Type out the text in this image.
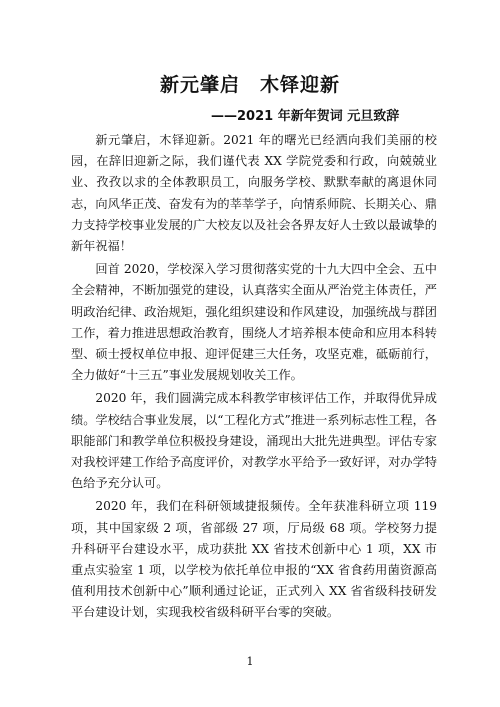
新元肇启　木铎迎新
——2021 年新年贺词 元旦致辞

新元肇启，木铎迎新。2021 年的曙光已经洒向我们美丽的校园，在辞旧迎新之际，我们谨代表 XX 学院党委和行政，向兢兢业业、孜孜以求的全体教职员工，向服务学校、默默奉献的离退休同志，向风华正茂、奋发有为的莘莘学子，向情系师院、长期关心、鼎力支持学校事业发展的广大校友以及社会各界友好人士致以最诚挚的新年祝福！

回首 2020，学校深入学习贯彻落实党的十九大四中全会、五中全会精神，不断加强党的建设，认真落实全面从严治党主体责任，严明政治纪律、政治规矩，强化组织建设和作风建设，加强统战与群团工作，着力推进思想政治教育，围绕人才培养根本使命和应用本科转型、硕士授权单位申报、迎评促建三大任务，攻坚克难，砥砺前行，全力做好“十三五”事业发展规划收关工作。

2020 年，我们圆满完成本科教学审核评估工作，并取得优异成绩。学校结合事业发展，以“工程化方式”推进一系列标志性工程，各职能部门和教学单位积极投身建设，涌现出大批先进典型。评估专家对我校评建工作给予高度评价，对教学水平给予一致好评，对办学特色给予充分认可。

2020 年，我们在科研领域捷报频传。全年获准科研立项 119 项，其中国家级 2 项，省部级 27 项，厅局级 68 项。学校努力提升科研平台建设水平，成功获批 XX 省技术创新中心 1 项，XX 市重点实验室 1 项，以学校为依托单位申报的“XX 省食药用菌资源高值利用技术创新中心”顺利通过论证，正式列入 XX 省省级科技研发平台建设计划，实现我校省级科研平台零的突破。

1
